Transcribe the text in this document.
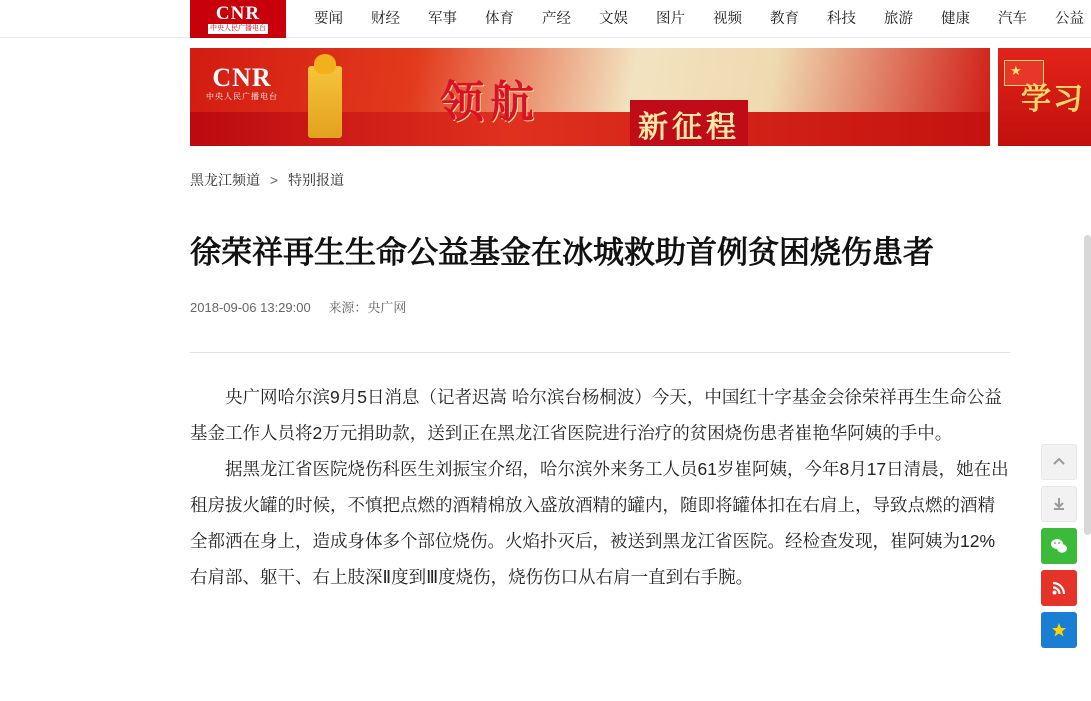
CNR
中央人民广播电台
要闻	财经	军事	体育	产经	文娱	图片	视频	教育	科技	旅游	健康	汽车	公益
CNR
中央人民广播电台	领航
新征程
★
学习
黑龙江频道 > 特别报道
徐荣祥再生生命公益基金在冰城救助首例贫困烧伤患者
2018-09-06 13:29:00 来源：央广网

央广网哈尔滨9月5日消息（记者迟嵩 哈尔滨台杨桐波）今天，中国红十字基金会徐荣祥再生生命公益基金工作人员将2万元捐助款，送到正在黑龙江省医院进行治疗的贫困烧伤患者崔艳华阿姨的手中。

据黑龙江省医院烧伤科医生刘振宝介绍，哈尔滨外来务工人员61岁崔阿姨，今年8月17日清晨，她在出租房拔火罐的时候，不慎把点燃的酒精棉放入盛放酒精的罐内，随即将罐体扣在右肩上，导致点燃的酒精全都洒在身上，造成身体多个部位烧伤。火焰扑灭后，被送到黑龙江省医院。经检查发现，崔阿姨为12%右肩部、躯干、右上肢深Ⅱ度到Ⅲ度烧伤，烧伤伤口从右肩一直到右手腕。
